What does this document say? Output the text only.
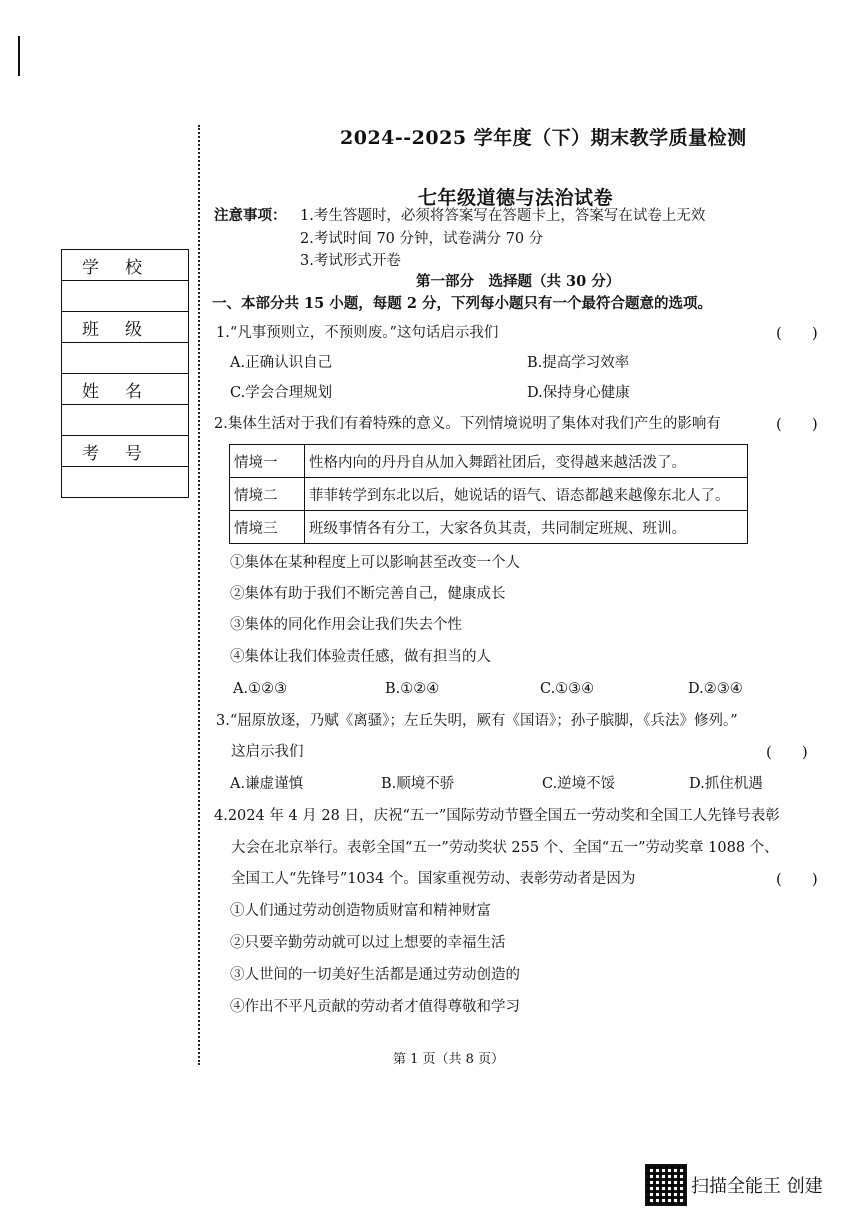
学校

班级

姓名

考号

2024--2025 学年度（下）期末教学质量检测
七年级道德与法治试卷
注意事项： 1.考生答题时，必须将答案写在答题卡上，答案写在试卷上无效
2.考试时间 70 分钟，试卷满分 70 分
3.考试形式开卷
第一部分　选择题（共 30 分）
一、本部分共 15 小题，每题 2 分，下列每小题只有一个最符合题意的选项。
1.“凡事预则立，不预则废。”这句话启示我们	(　　)
A.正确认识自己	B.提高学习效率
C.学会合理规划	D.保持身心健康
2.集体生活对于我们有着特殊的意义。下列情境说明了集体对我们产生的影响有	(　　)
情境一	性格内向的丹丹自从加入舞蹈社团后，变得越来越活泼了。
情境二	菲菲转学到东北以后，她说话的语气、语态都越来越像东北人了。
情境三	班级事情各有分工，大家各负其责，共同制定班规、班训。
①集体在某种程度上可以影响甚至改变一个人
②集体有助于我们不断完善自己，健康成长
③集体的同化作用会让我们失去个性
④集体让我们体验责任感，做有担当的人
A.①②③	B.①②④	C.①③④	D.②③④
3.“屈原放逐，乃赋《离骚》；左丘失明，厥有《国语》；孙子膑脚，《兵法》修列。”
这启示我们	(　　)
A.谦虚谨慎	B.顺境不骄	C.逆境不馁	D.抓住机遇
4.2024 年 4 月 28 日，庆祝“五一”国际劳动节暨全国五一劳动奖和全国工人先锋号表彰
大会在北京举行。表彰全国“五一”劳动奖状 255 个、全国“五一”劳动奖章 1088 个、
全国工人“先锋号”1034 个。国家重视劳动、表彰劳动者是因为	(　　)
①人们通过劳动创造物质财富和精神财富
②只要辛勤劳动就可以过上想要的幸福生活
③人世间的一切美好生活都是通过劳动创造的
④作出不平凡贡献的劳动者才值得尊敬和学习
第 1 页（共 8 页）
扫描全能王 创建
